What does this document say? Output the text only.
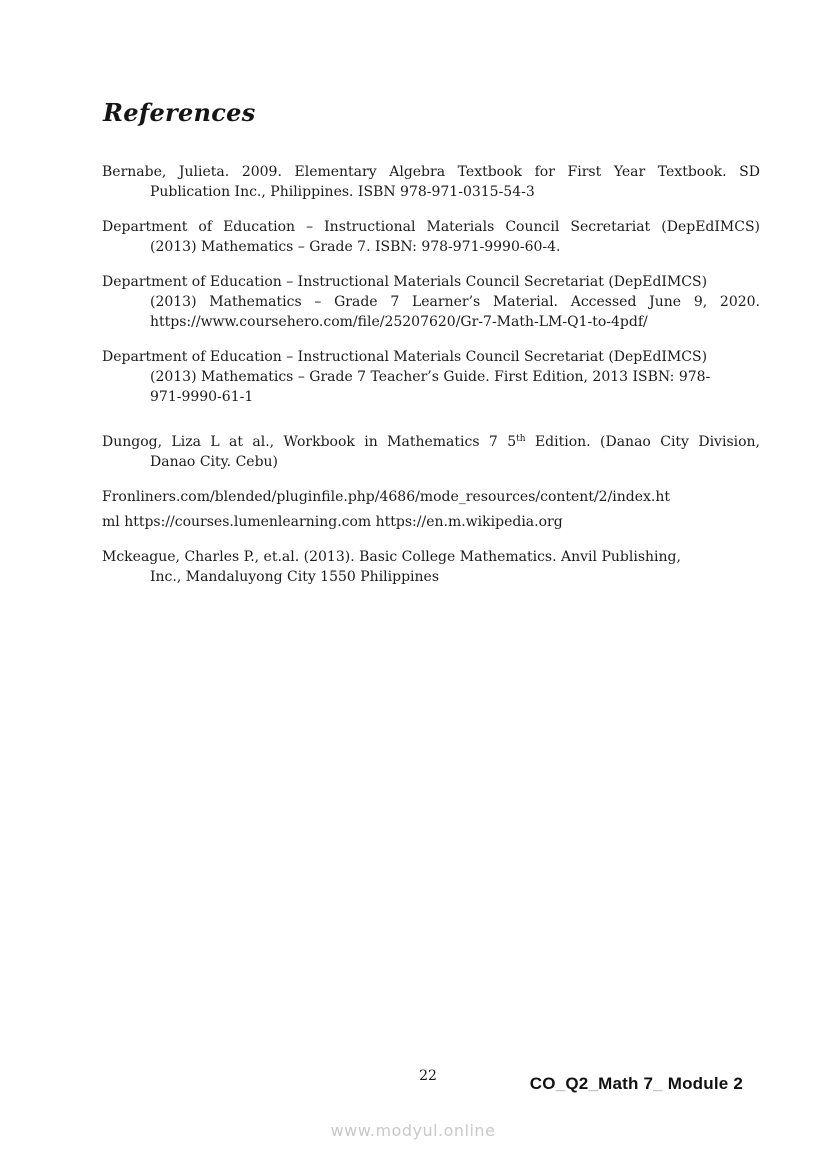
References
Bernabe, Julieta. 2009. Elementary Algebra Textbook for First Year Textbook. SD
Publication Inc., Philippines. ISBN 978-971-0315-54-3
Department of Education – Instructional Materials Council Secretariat (DepEdIMCS)
(2013) Mathematics – Grade 7. ISBN: 978-971-9990-60-4.
Department of Education – Instructional Materials Council Secretariat (DepEdIMCS)
(2013) Mathematics – Grade 7 Learner’s Material. Accessed June 9, 2020.
https://www.coursehero.com/file/25207620/Gr-7-Math-LM-Q1-to-4pdf/
Department of Education – Instructional Materials Council Secretariat (DepEdIMCS)
(2013) Mathematics – Grade 7 Teacher’s Guide. First Edition, 2013 ISBN: 978-
971-9990-61-1
Dungog, Liza L at al., Workbook in Mathematics 7 5th Edition. (Danao City Division,
Danao City. Cebu)
Fronliners.com/blended/pluginfile.php/4686/mode_resources/content/2/index.ht
ml https://courses.lumenlearning.com https://en.m.wikipedia.org
Mckeague, Charles P., et.al. (2013). Basic College Mathematics. Anvil Publishing,
Inc., Mandaluyong City 1550 Philippines
22	CO_Q2_Math 7_ Module 2
www.modyul.online
